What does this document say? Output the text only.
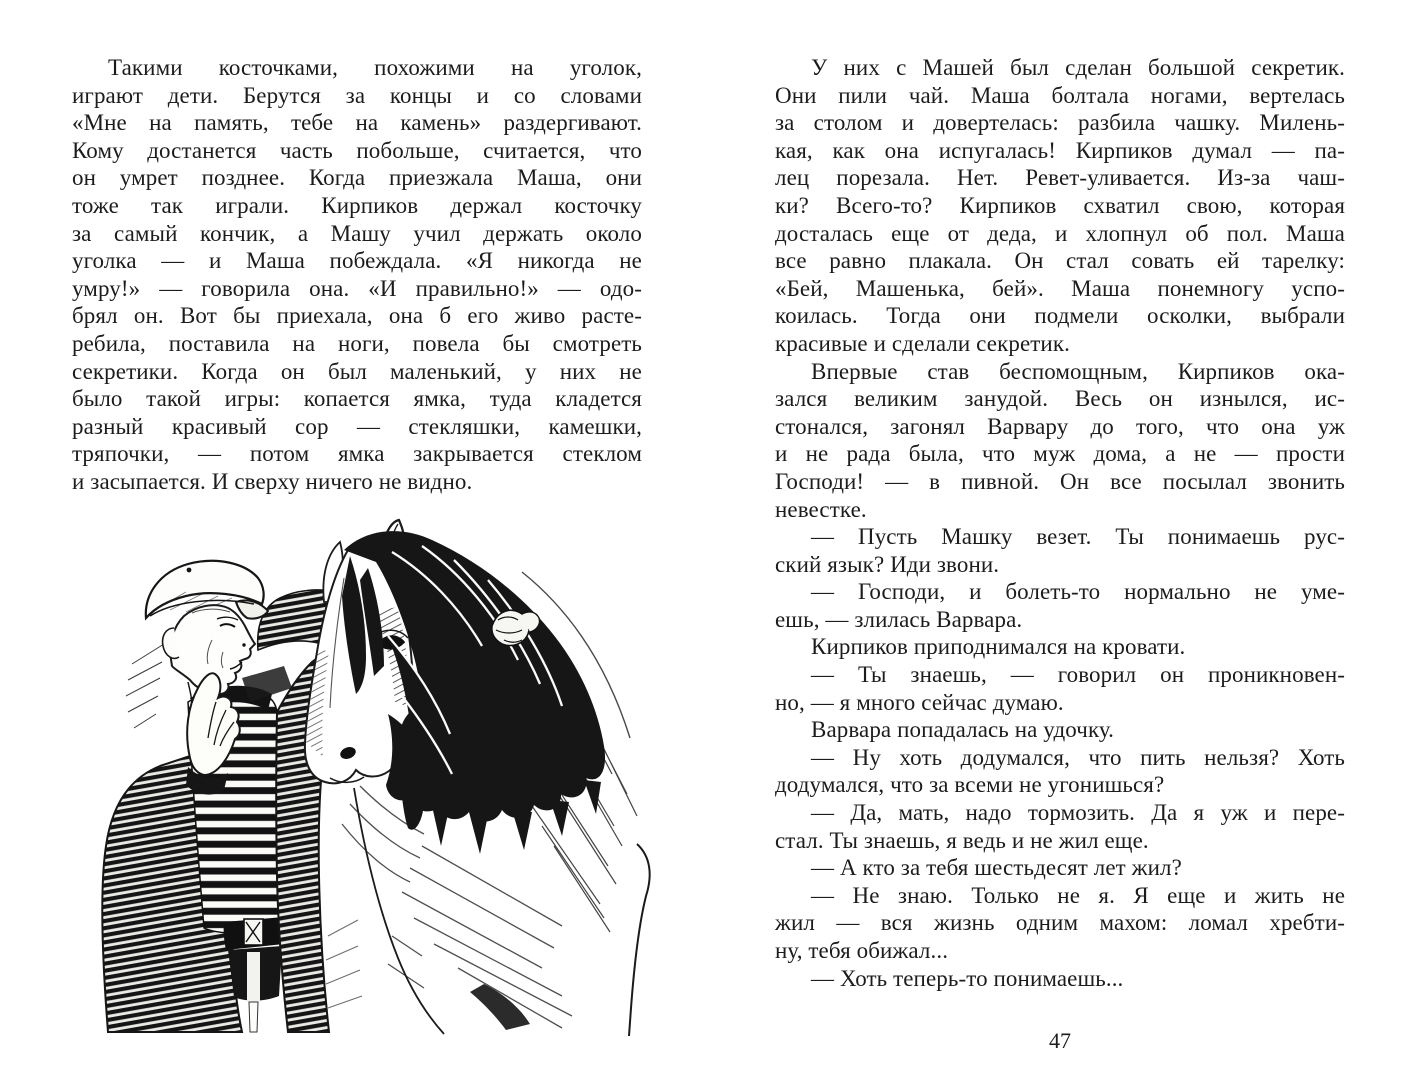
Такими косточками, похожими на уголок,
играют дети. Берутся за концы и со словами
«Мне на память, тебе на камень» раздергивают.
Кому достанется часть побольше, считается, что
он умрет позднее. Когда приезжала Маша, они
тоже так играли. Кирпиков держал косточку
за самый кончик, а Машу учил держать около
уголка — и Маша побеждала. «Я никогда не
умру!» — говорила она. «И правильно!» — одо-
брял он. Вот бы приехала, она б его живо расте-
ребила, поставила на ноги, повела бы смотреть
секретики. Когда он был маленький, у них не
было такой игры: копается ямка, туда кладется
разный красивый сор — стекляшки, камешки,
тряпочки, — потом ямка закрывается стеклом
и засыпается. И сверху ничего не видно.
У них с Машей был сделан большой секретик.
Они пили чай. Маша болтала ногами, вертелась
за столом и довертелась: разбила чашку. Милень-
кая, как она испугалась! Кирпиков думал — па-
лец порезала. Нет. Ревет-уливается. Из-за чаш-
ки? Всего-то? Кирпиков схватил свою, которая
досталась еще от деда, и хлопнул об пол. Маша
все равно плакала. Он стал совать ей тарелку:
«Бей, Машенька, бей». Маша понемногу успо-
коилась. Тогда они подмели осколки, выбрали
красивые и сделали секретик.
Впервые став беспомощным, Кирпиков ока-
зался великим занудой. Весь он изнылся, ис-
стонался, загонял Варвару до того, что она уж
и не рада была, что муж дома, а не — прости
Господи! — в пивной. Он все посылал звонить
невестке.
— Пусть Машку везет. Ты понимаешь рус-
ский язык? Иди звони.
— Господи, и болеть-то нормально не уме-
ешь, — злилась Варвара.
Кирпиков приподнимался на кровати.
— Ты знаешь, — говорил он проникновен-
но, — я много сейчас думаю.
Варвара попадалась на удочку.
— Ну хоть додумался, что пить нельзя? Хоть
додумался, что за всеми не угонишься?
— Да, мать, надо тормозить. Да я уж и пере-
стал. Ты знаешь, я ведь и не жил еще.
— А кто за тебя шестьдесят лет жил?
— Не знаю. Только не я. Я еще и жить не
жил — вся жизнь одним махом: ломал хребти-
ну, тебя обижал...
— Хоть теперь-то понимаешь...
47
